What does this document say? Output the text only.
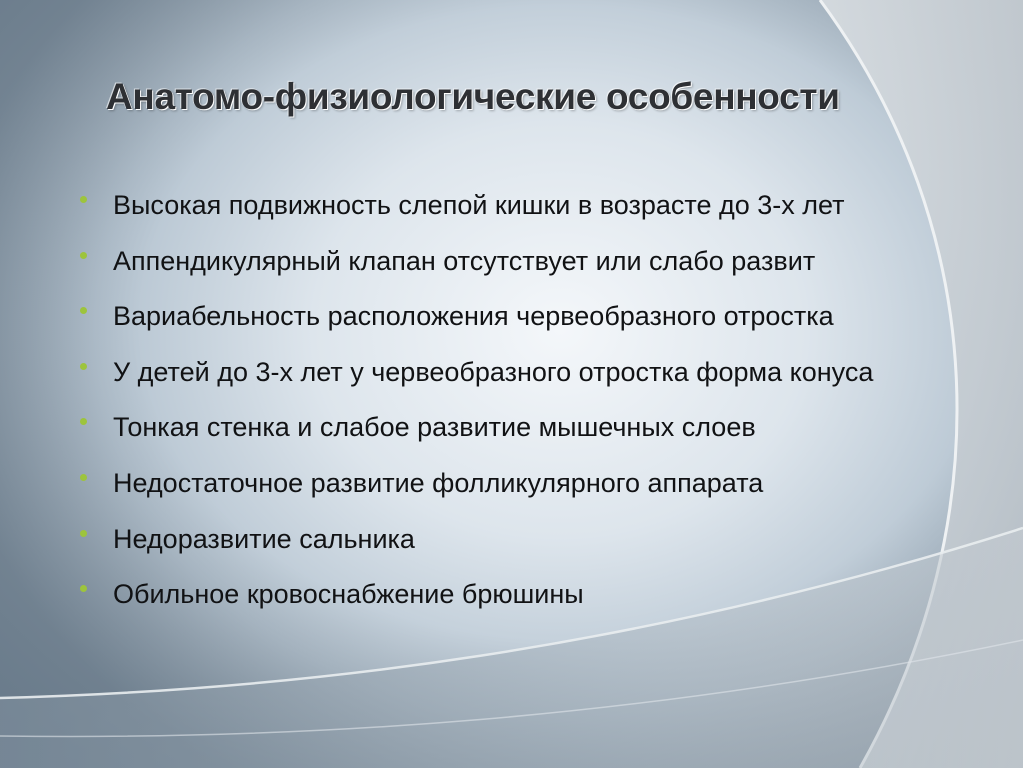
Анатомо-физиологические особенности
Высокая подвижность слепой кишки в возрасте до 3-х лет
Аппендикулярный клапан отсутствует или слабо развит
Вариабельность расположения червеобразного отростка
У детей до 3-х лет у червеобразного отростка форма конуса
Тонкая стенка и слабое развитие мышечных слоев
Недостаточное развитие фолликулярного аппарата
Недоразвитие сальника
Обильное кровоснабжение брюшины
